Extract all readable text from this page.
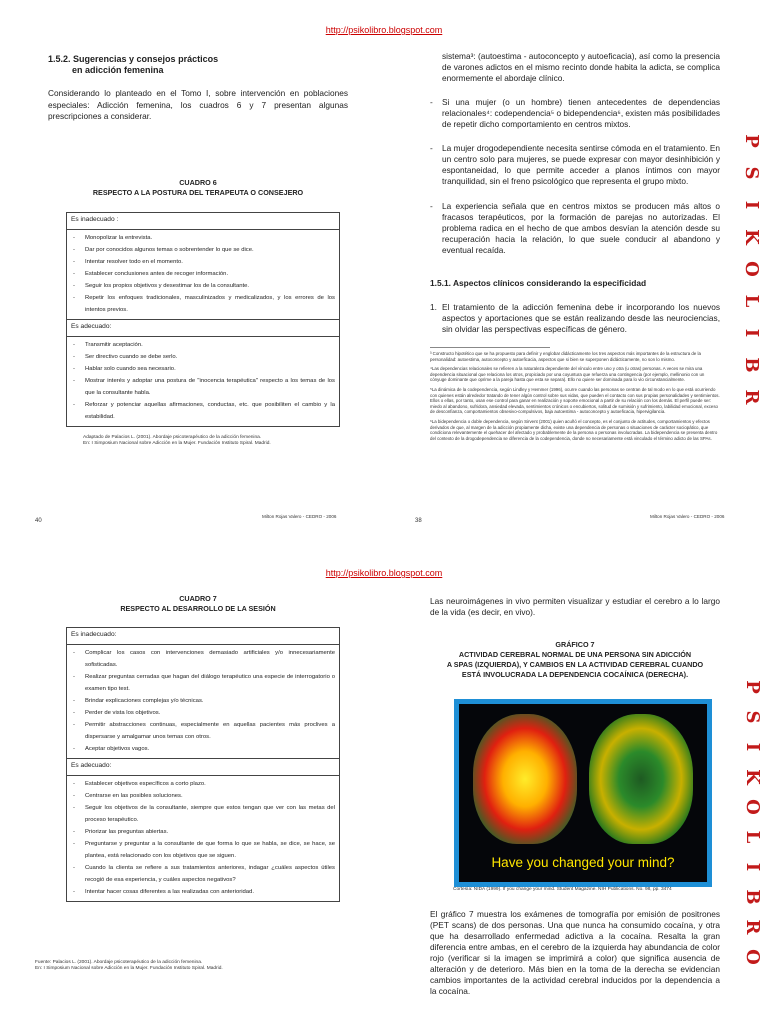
http://psikolibro.blogspot.com
1.5.2. Sugerencias y consejos prácticos
en adicción femenina
Considerando lo planteado en el Tomo I, sobre intervención en poblaciones especiales: Adicción femenina, los cuadros 6 y 7 presentan algunas prescripciones a considerar.
CUADRO 6
RESPECTO A LA POSTURA DEL TERAPEUTA O CONSEJERO
Es inadecuado :
- Monopolizar la entrevista.
- Dar por conocidos algunos temas o sobrentender lo que se dice.
- Intentar resolver todo en el momento.
- Establecer conclusiones antes de recoger información.
- Seguir los propios objetivos y desestimar los de la consultante.
- Repetir los enfoques tradicionales, masculinizados y medicalizados, y los errores de los intentos previos.
Es adecuado:
- Transmitir aceptación.
- Ser directivo cuando se debe serlo.
- Hablar solo cuando sea necesario.
- Mostrar interés y adoptar una postura de "inocencia terapéutica" respecto a los temas de los que la consultante habla.
- Reforzar y potenciar aquellas afirmaciones, conductas, etc. que posibiliten el cambio y la estabilidad.
Adaptado de Palacios L. (2001). Abordaje psicoterapéutico de la adicción femenina.
En: I Simposium Nacional sobre Adicción en la Mujer. Fundación Instituto Spiral. Madrid.
40
Milton Rojas Valero - CEDRO - 2006
sistema³: (autoestima - autoconcepto y autoeficacia), así como la presencia de varones adictos en el mismo recinto donde habita la adicta, se complica enormemente el abordaje clínico.
- Si una mujer (o un hombre) tienen antecedentes de dependencias relacionales⁴: codependencia⁵ o bidependencia⁶, existen más posibilidades de repetir dicho comportamiento en centros mixtos.
- La mujer drogodependiente necesita sentirse cómoda en el tratamiento. En un centro solo para mujeres, se puede expresar con mayor desinhibición y espontaneidad, lo que permite acceder a planos íntimos con mayor tranquilidad, sin el freno psicológico que representa el grupo mixto.
- La experiencia señala que en centros mixtos se producen más altos o fracasos terapéuticos, por la formación de parejas no autorizadas. El problema radica en el hecho de que ambos desvían la atención desde su recuperación hacia la relación, lo que suele conducir al abandono y eventual recaída.
1.5.1. Aspectos clínicos considerando la especificidad
1. El tratamiento de la adicción femenina debe ir incorporando los nuevos aspectos y aportaciones que se están realizando desde las neurociencias, sin olvidar las perspectivas específicas de género.
³ Constructo hipotético que se ha propuesto para definir y englobar didácticamente los tres aspectos más importantes de la estructura de la personalidad: autoestima, autoconcepto y autoeficacia, aspectos que si bien se superponen didácticamente, no son lo mismo.
⁴Las dependencias relacionales se refieren a la naturaleza dependiente del vínculo entre uno y otra (u otras) personas. A veces se mira una dependencia situacional que relaciona los otros, propiciado por una coyuntura que refuerza una contingencia (por ejemplo, mellinonio con un cónyuge dominante que oprime a la pareja hasta que esta se separa). Ello no quiere ser dominada para lo vio circunstancialmente.
⁵La dinámica de la codependencia, según Lindley y Hemmer (1996), ocurre cuando las personas se centran de tal modo en lo que está ocurriendo con quienes están alrededor tratando de tener algún control sobre sus vidas, que pueden el contacto con sus propias personalidades y sentimientos. Ellos o ellas, por tanto, usan ese control para ganar en realización y soporte emocional a partir de su relación con los demás. El perfil puede ser: miedo al abandono, sufridora, ansiedad elevada, sentimientos crónicos o encubiertos, solitud de sumisión y sufrimiento, labilidad emocional, exceso de desconfianza, comportamientos obsesivo-compulsivos, baja autoestima - autoconcepto y autoeficacia, hipervigilancia.
⁶La bidependencia o doble dependencia, según Sirvent (2001) quien acuñó el concepto, es el conjunto de actitudes, comportamientos y efectos derivados de que, al margen de la adicción propiamente dicha, existe una dependencia de personas o situaciones de carácter sociopático, que condiciona relevantemente el quehacer del afectado y probablemente de la persona o personas involucradas. La bidependencia se presenta dentro del contexto de la drogodependencia se diferencia de la codependencia, donde no necesariamente está vinculado el término adicto de las SPAs.
38
Milton Rojas Valero - CEDRO - 2006
P
S
I
K
O
L
I
B
R
http://psikolibro.blogspot.com
CUADRO 7
RESPECTO AL DESARROLLO DE LA SESIÓN
Es inadecuado:
- Complicar los casos con intervenciones demasiado artificiales y/o innecesariamente sofisticadas.
- Realizar preguntas cerradas que hagan del diálogo terapéutico una especie de interrogatorio o examen tipo test.
- Brindar explicaciones complejas y/o técnicas.
- Perder de vista los objetivos.
- Permitir abstracciones continuas, especialmente en aquellas pacientes más proclives a dispersarse y amalgamar unos temas con otros.
- Aceptar objetivos vagos.
Es adecuado:
- Establecer objetivos específicos a corto plazo.
- Centrarse en las posibles soluciones.
- Seguir los objetivos de la consultante, siempre que estos tengan que ver con las metas del proceso terapéutico.
- Priorizar las preguntas abiertas.
- Preguntarse y preguntar a la consultante de que forma lo que se habla, se dice, se hace, se plantea, está relacionado con los objetivos que se siguen.
- Cuando la clienta se refiere a sus tratamientos anteriores, indagar ¿cuáles aspectos útiles recogió de esa experiencia, y cuáles aspectos negativos?
- Intentar hacer cosas diferentes a las realizadas con anterioridad.
Fuente: Palacios L. (2001). Abordaje psicoterapéutico de la adicción femenina.
En: I Simposium Nacional sobre Adicción en la Mujer. Fundación Instituto Spiral. Madrid.
Las neuroimágenes in vivo permiten visualizar y estudiar el cerebro a lo largo de la vida (es decir, en vivo).
GRÁFICO 7
ACTIVIDAD CEREBRAL NORMAL DE UNA PERSONA SIN ADICCIÓN
A SPAS (IZQUIERDA), Y CAMBIOS EN LA ACTIVIDAD CEREBRAL CUANDO
ESTÁ INVOLUCRADA LA DEPENDENCIA COCAÍNICA (DERECHA).
Have you changed your mind?
Cortesía: NIDA (1999). If you change your mind. Student Magazine. NIH Publications. No. 98, pp. 3474
El gráfico 7 muestra los exámenes de tomografía por emisión de positrones (PET scans) de dos personas. Una que nunca ha consumido cocaína, y otra que ha desarrollado enfermedad adictiva a la cocaína. Resalta la gran diferencia entre ambas, en el cerebro de la izquierda hay abundancia de color rojo (verificar si la imagen se imprimirá a color) que significa ausencia de alteración y de deterioro. Más bien en la toma de la derecha se evidencian cambios importantes de la actividad cerebral inducidos por la dependencia a la cocaína.
P
S
I
K
O
L
I
B
R
O
